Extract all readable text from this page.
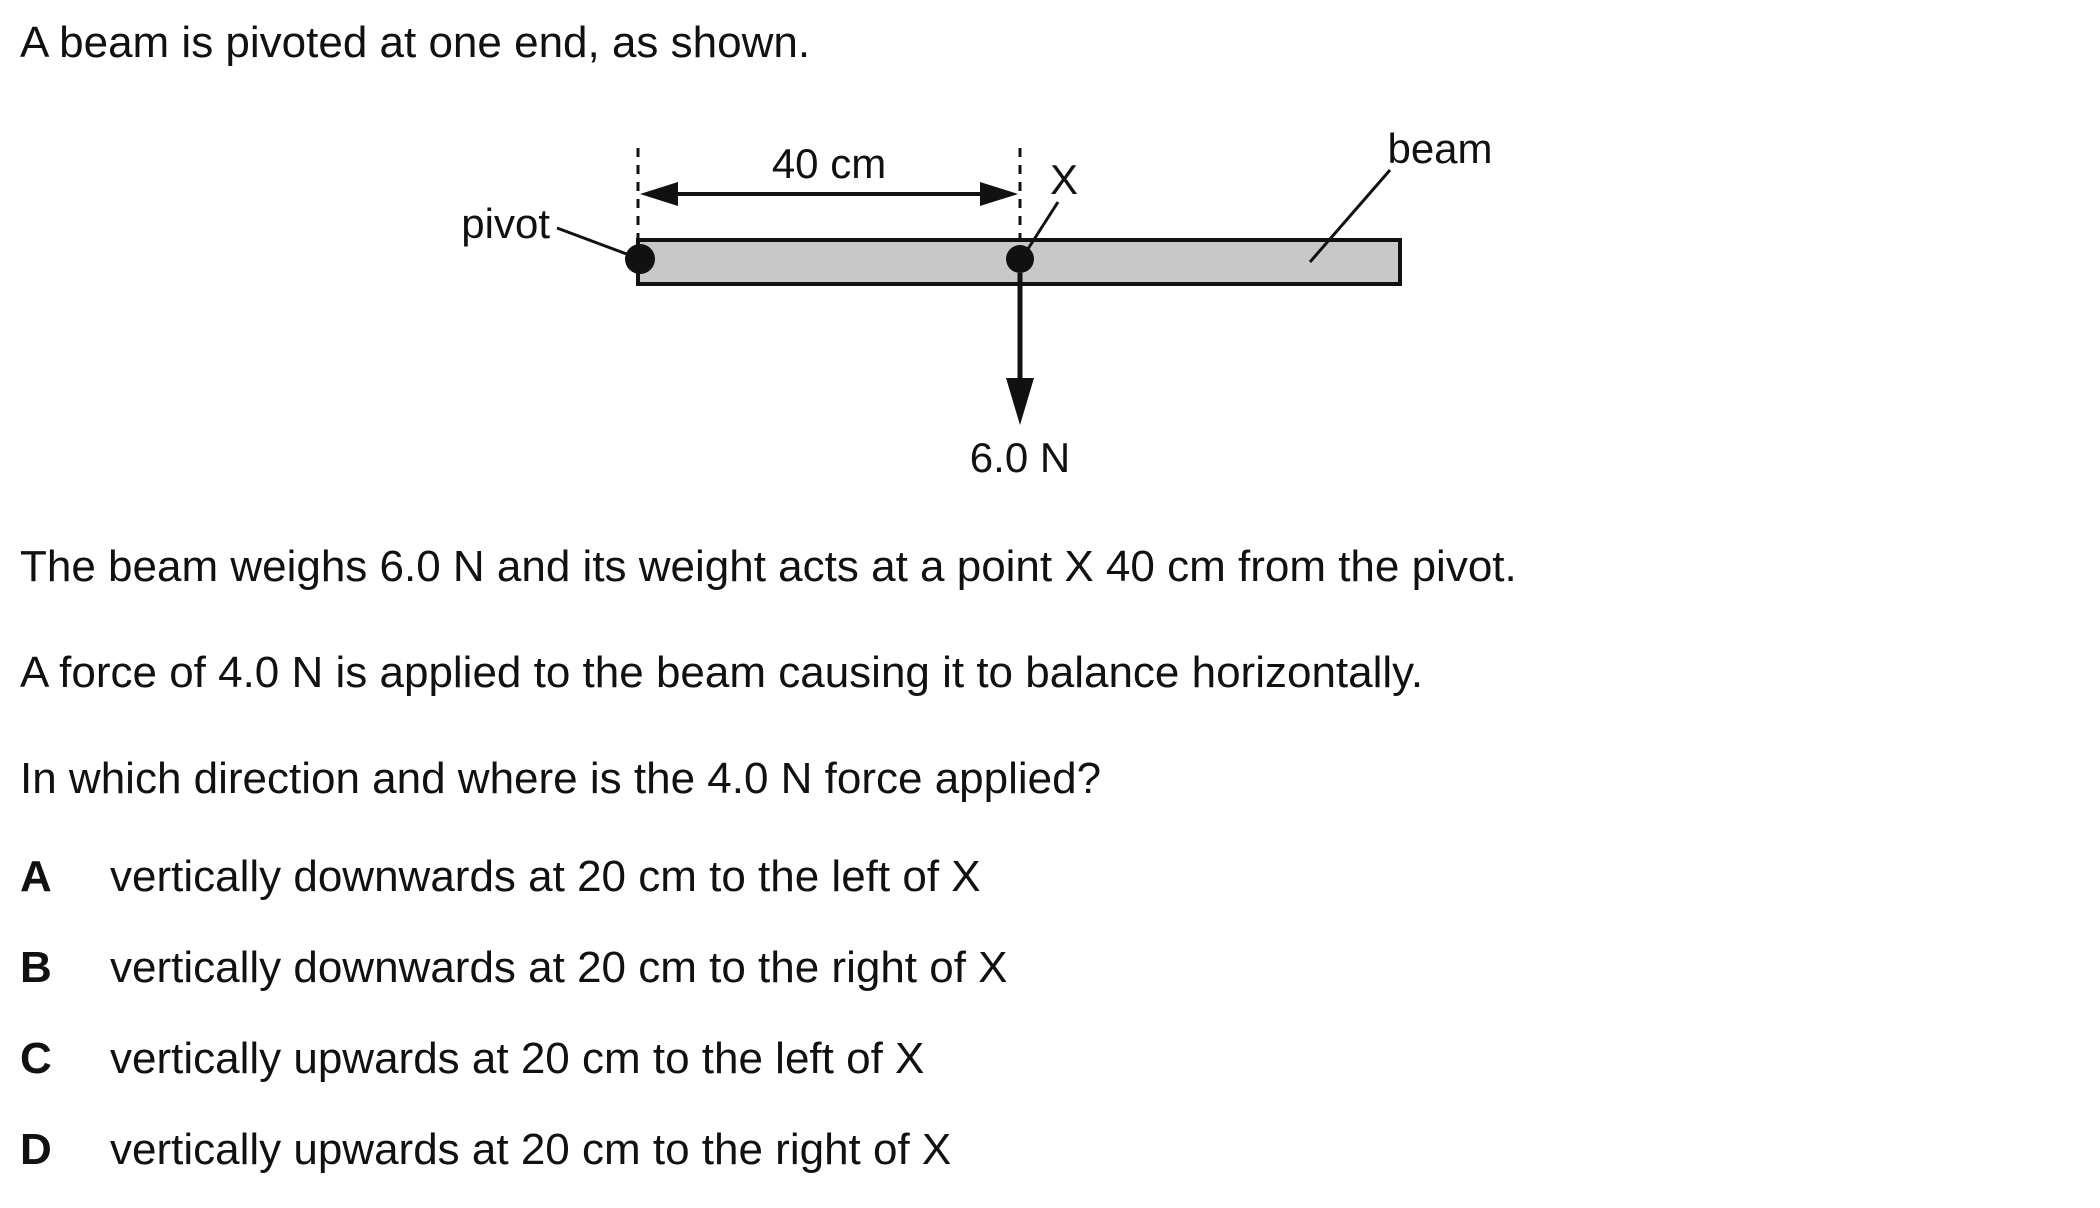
A beam is pivoted at one end, as shown.
40 cm
pivot
X
beam
6.0 N
The beam weighs 6.0 N and its weight acts at a point X 40 cm from the pivot.
A force of 4.0 N is applied to the beam causing it to balance horizontally.
In which direction and where is the 4.0 N force applied?
A vertically downwards at 20 cm to the left of X
B vertically downwards at 20 cm to the right of X
C vertically upwards at 20 cm to the left of X
D vertically upwards at 20 cm to the right of X
